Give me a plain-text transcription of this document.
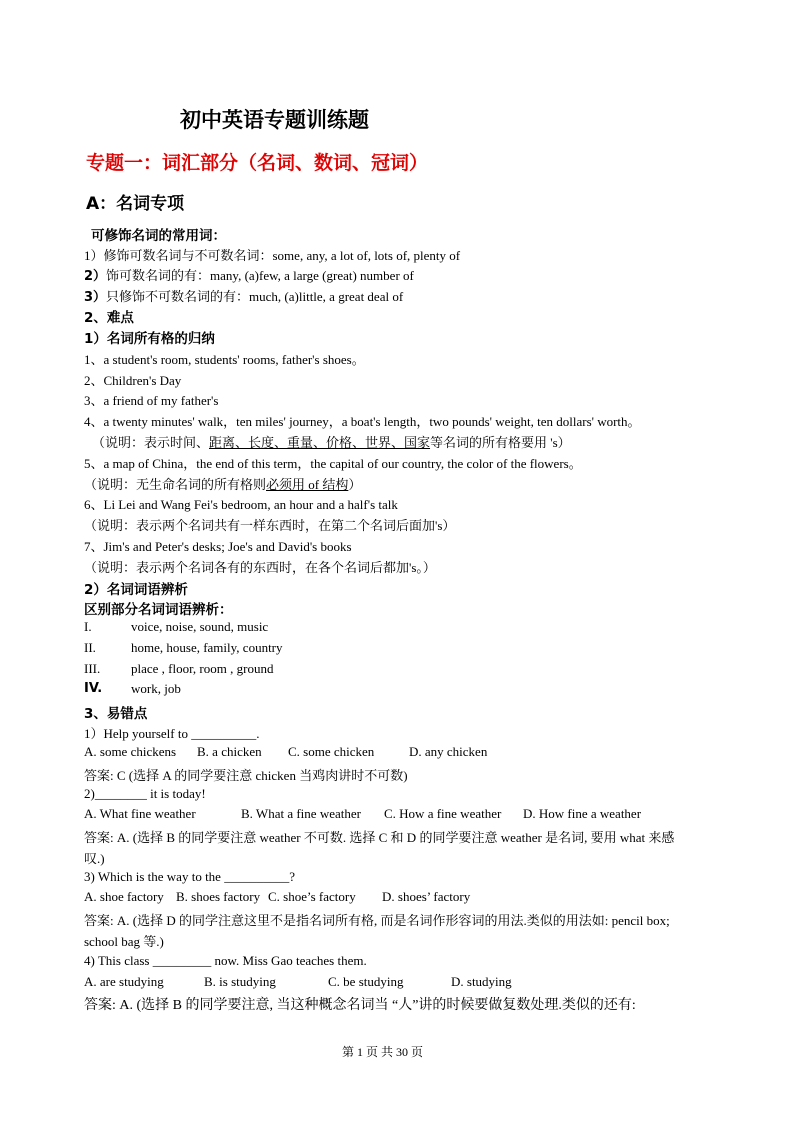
初中英语专题训练题
专题一：词汇部分（名词、数词、冠词）
A：名词专项
可修饰名词的常用词：
1）修饰可数名词与不可数名词：some, any, a lot of, lots of, plenty of
2）饰可数名词的有：many, (a)few, a large (great) number of
3）只修饰不可数名词的有：much, (a)little, a great deal of
2、难点
1）名词所有格的归纳
1、a student's room, students' rooms, father's shoes。
2、Children's Day
3、a friend of my father's
4、a twenty minutes' walk，ten miles' journey，a boat's length，two pounds' weight, ten dollars' worth。
（说明：表示时间、距离、长度、重量、价格、世界、国家等名词的所有格要用 's）
5、a map of China，the end of this term，the capital of our country, the color of the flowers。
（说明：无生命名词的所有格则必须用 of 结构）
6、Li Lei and Wang Fei's bedroom, an hour and a half's talk
（说明：表示两个名词共有一样东西时，在第二个名词后面加's）
7、Jim's and Peter's desks; Joe's and David's books
（说明：表示两个名词各有的东西时，在各个名词后都加's。）
2）名词词语辨析
区别部分名词词语辨析：
I.	voice, noise, sound, music
II.	home, house, family, country
III. place , floor, room , ground
IV. work, job
3、易错点
1）Help yourself to __________.
A. some chickens B. a chicken C. some chicken	D. any chicken
答案: C (选择 A 的同学要注意 chicken 当鸡肉讲时不可数)
2)________ it is today!
A. What fine weather	B. What a fine weather C. How a fine weather D. How fine a weather
答案: A. (选择 B 的同学要注意 weather 不可数. 选择 C 和 D 的同学要注意 weather 是名词, 要用 what 来感
叹.)
3) Which is the way to the __________?
A. shoe factory B. shoes factory C. shoe’s factory D. shoes’ factory
答案: A. (选择 D 的同学注意这里不是指名词所有格, 而是名词作形容词的用法.类似的用法如: pencil box;
school bag 等.)
4) This class _________ now. Miss Gao teaches them.
A. are studying	B. is studying	C. be studying	D. studying
答案: A. (选择 B 的同学要注意, 当这种概念名词当 “人”讲的时候要做复数处理.类似的还有:
第 1 页 共 30 页
